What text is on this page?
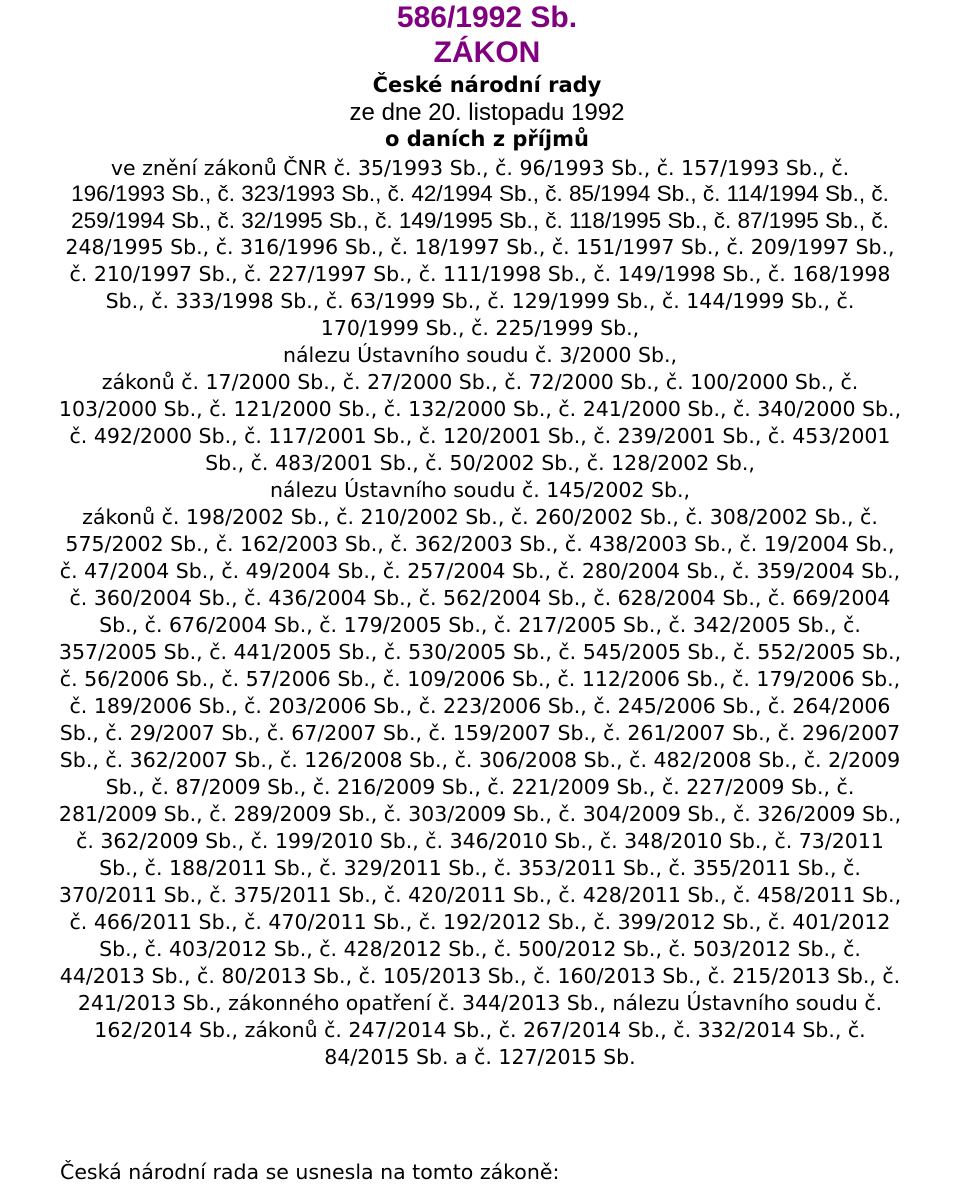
586/1992 Sb.
ZÁKON
České národní rady
ze dne 20. listopadu 1992
o daních z příjmů
ve znění zákonů ČNR č. 35/1993 Sb., č. 96/1993 Sb., č. 157/1993 Sb., č.
196/1993 Sb., č. 323/1993 Sb., č. 42/1994 Sb., č. 85/1994 Sb., č. 114/1994 Sb., č.
259/1994 Sb., č. 32/1995 Sb., č. 149/1995 Sb., č. 118/1995 Sb., č. 87/1995 Sb., č.
248/1995 Sb., č. 316/1996 Sb., č. 18/1997 Sb., č. 151/1997 Sb., č. 209/1997 Sb.,
č. 210/1997 Sb., č. 227/1997 Sb., č. 111/1998 Sb., č. 149/1998 Sb., č. 168/1998
Sb., č. 333/1998 Sb., č. 63/1999 Sb., č. 129/1999 Sb., č. 144/1999 Sb., č.
170/1999 Sb., č. 225/1999 Sb.,
nálezu Ústavního soudu č. 3/2000 Sb.,
zákonů č. 17/2000 Sb., č. 27/2000 Sb., č. 72/2000 Sb., č. 100/2000 Sb., č.
103/2000 Sb., č. 121/2000 Sb., č. 132/2000 Sb., č. 241/2000 Sb., č. 340/2000 Sb.,
č. 492/2000 Sb., č. 117/2001 Sb., č. 120/2001 Sb., č. 239/2001 Sb., č. 453/2001
Sb., č. 483/2001 Sb., č. 50/2002 Sb., č. 128/2002 Sb.,
nálezu Ústavního soudu č. 145/2002 Sb.,
zákonů č. 198/2002 Sb., č. 210/2002 Sb., č. 260/2002 Sb., č. 308/2002 Sb., č.
575/2002 Sb., č. 162/2003 Sb., č. 362/2003 Sb., č. 438/2003 Sb., č. 19/2004 Sb.,
č. 47/2004 Sb., č. 49/2004 Sb., č. 257/2004 Sb., č. 280/2004 Sb., č. 359/2004 Sb.,
č. 360/2004 Sb., č. 436/2004 Sb., č. 562/2004 Sb., č. 628/2004 Sb., č. 669/2004
Sb., č. 676/2004 Sb., č. 179/2005 Sb., č. 217/2005 Sb., č. 342/2005 Sb., č.
357/2005 Sb., č. 441/2005 Sb., č. 530/2005 Sb., č. 545/2005 Sb., č. 552/2005 Sb.,
č. 56/2006 Sb., č. 57/2006 Sb., č. 109/2006 Sb., č. 112/2006 Sb., č. 179/2006 Sb.,
č. 189/2006 Sb., č. 203/2006 Sb., č. 223/2006 Sb., č. 245/2006 Sb., č. 264/2006
Sb., č. 29/2007 Sb., č. 67/2007 Sb., č. 159/2007 Sb., č. 261/2007 Sb., č. 296/2007
Sb., č. 362/2007 Sb., č. 126/2008 Sb., č. 306/2008 Sb., č. 482/2008 Sb., č. 2/2009
Sb., č. 87/2009 Sb., č. 216/2009 Sb., č. 221/2009 Sb., č. 227/2009 Sb., č.
281/2009 Sb., č. 289/2009 Sb., č. 303/2009 Sb., č. 304/2009 Sb., č. 326/2009 Sb.,
č. 362/2009 Sb., č. 199/2010 Sb., č. 346/2010 Sb., č. 348/2010 Sb., č. 73/2011
Sb., č. 188/2011 Sb., č. 329/2011 Sb., č. 353/2011 Sb., č. 355/2011 Sb., č.
370/2011 Sb., č. 375/2011 Sb., č. 420/2011 Sb., č. 428/2011 Sb., č. 458/2011 Sb.,
č. 466/2011 Sb., č. 470/2011 Sb., č. 192/2012 Sb., č. 399/2012 Sb., č. 401/2012
Sb., č. 403/2012 Sb., č. 428/2012 Sb., č. 500/2012 Sb., č. 503/2012 Sb., č.
44/2013 Sb., č. 80/2013 Sb., č. 105/2013 Sb., č. 160/2013 Sb., č. 215/2013 Sb., č.
241/2013 Sb., zákonného opatření č. 344/2013 Sb., nálezu Ústavního soudu č.
162/2014 Sb., zákonů č. 247/2014 Sb., č. 267/2014 Sb., č. 332/2014 Sb., č.
84/2015 Sb. a č. 127/2015 Sb.
Česká národní rada se usnesla na tomto zákoně:
